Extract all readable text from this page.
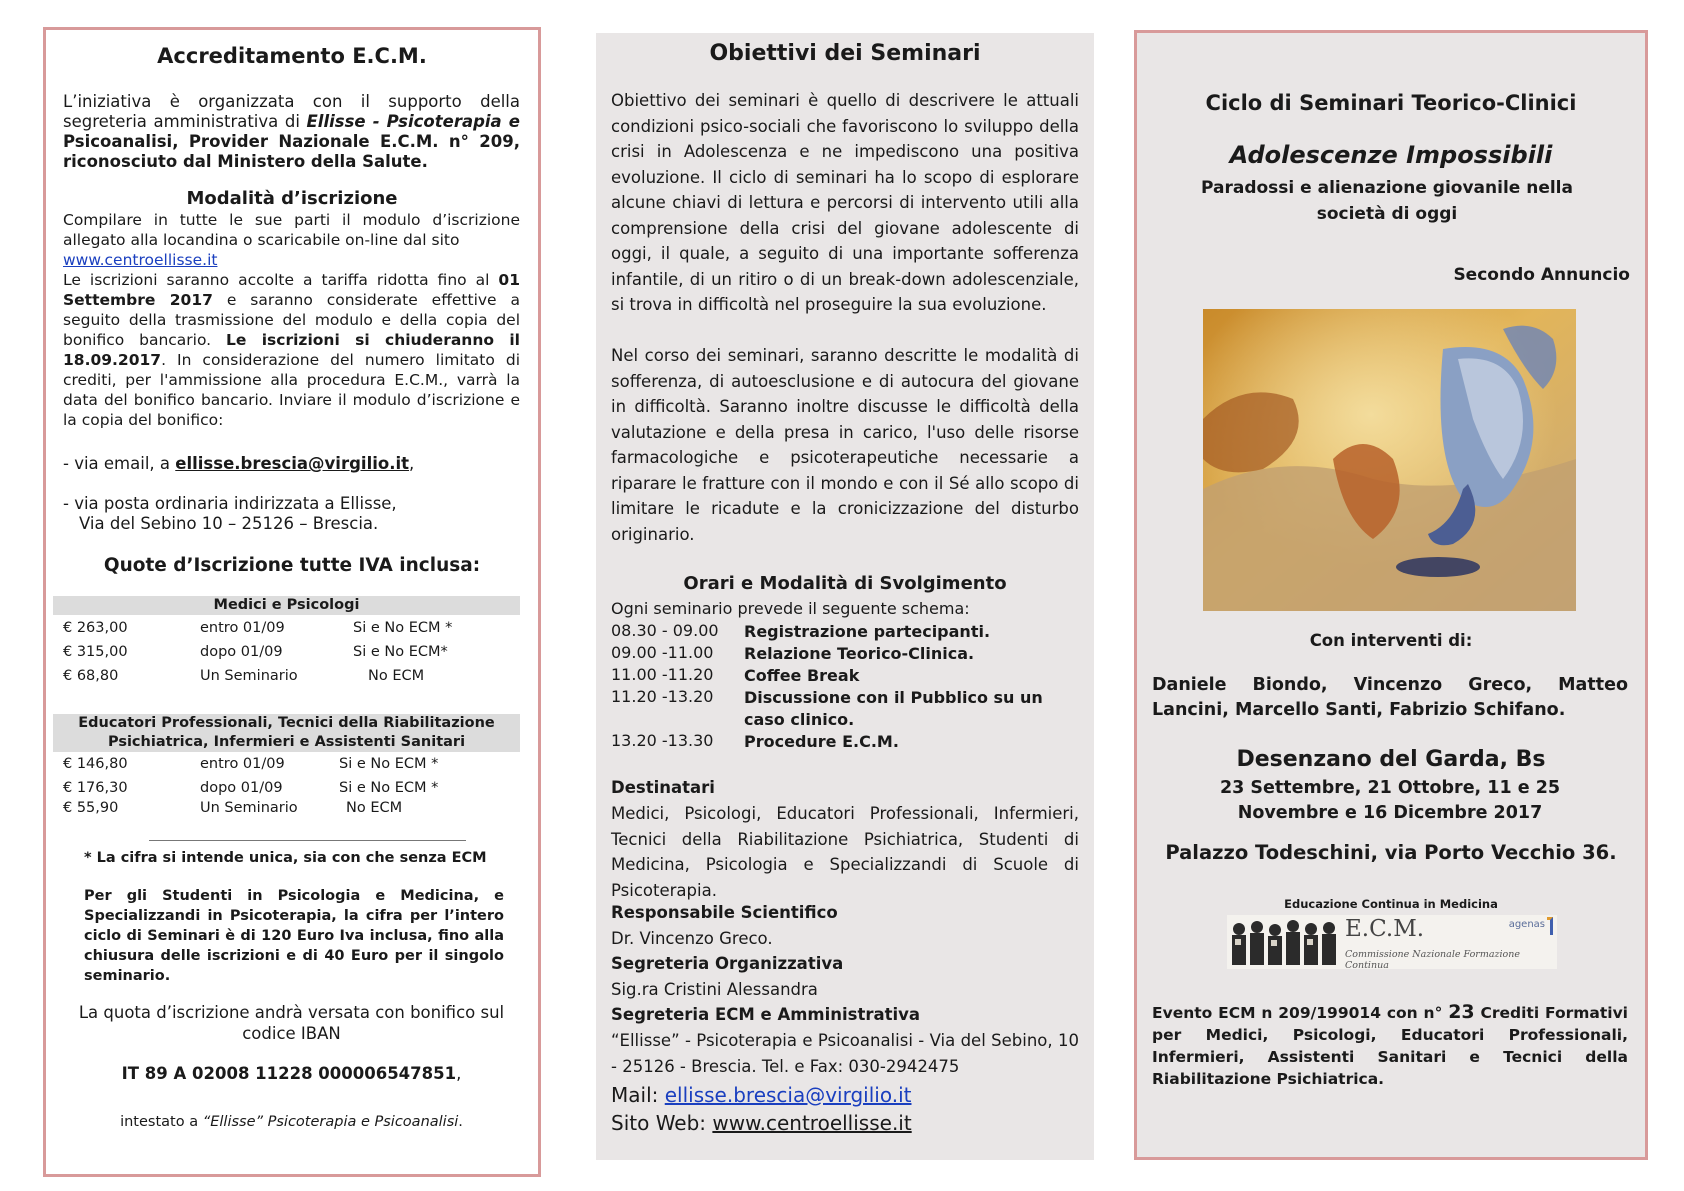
Accreditamento E.C.M.
L’iniziativa è organizzata con il supporto della segreteria amministrativa di Ellisse - Psicoterapia e Psicoanalisi, Provider Nazionale E.C.M. n° 209, riconosciuto dal Ministero della Salute.
Modalità d’iscrizione
Compilare in tutte le sue parti il modulo d’iscrizione allegato alla locandina o scaricabile on-line dal sito
www.centroellisse.it
Le iscrizioni saranno accolte a tariffa ridotta fino al 01 Settembre 2017 e saranno considerate effettive a seguito della trasmissione del modulo e della copia del bonifico bancario. Le iscrizioni si chiuderanno il 18.09.2017. In considerazione del numero limitato di crediti, per l'ammissione alla procedura E.C.M., varrà la data del bonifico bancario. Inviare il modulo d’iscrizione e la copia del bonifico:
- via email, a ellisse.brescia@virgilio.it,
- via posta ordinaria indirizzata a Ellisse,
Via del Sebino 10 – 25126 – Brescia.
Quote d’Iscrizione tutte IVA inclusa:
Medici e Psicologi
€ 263,00	entro 01/09	Si e No ECM *
€ 315,00	dopo 01/09	Si e No ECM*
€ 68,80	Un Seminario	No ECM
Educatori Professionali, Tecnici della Riabilitazione
Psichiatrica, Infermieri e Assistenti Sanitari
€ 146,80	entro 01/09	Si e No ECM *
€ 176,30	dopo 01/09	Si e No ECM *
€ 55,90	Un Seminario	No ECM
* La cifra si intende unica, sia con che senza ECM
Per gli Studenti in Psicologia e Medicina, e Specializzandi in Psicoterapia, la cifra per l’intero ciclo di Seminari è di 120 Euro Iva inclusa, fino alla chiusura delle iscrizioni e di 40 Euro per il singolo seminario.
La quota d’iscrizione andrà versata con bonifico sul codice IBAN
IT 89 A 02008 11228 000006547851,
intestato a “Ellisse” Psicoterapia e Psicoanalisi.
Obiettivi dei Seminari
Obiettivo dei seminari è quello di descrivere le attuali condizioni psico-sociali che favoriscono lo sviluppo della crisi in Adolescenza e ne impediscono una positiva evoluzione. Il ciclo di seminari ha lo scopo di esplorare alcune chiavi di lettura e percorsi di intervento utili alla comprensione della crisi del giovane adolescente di oggi, il quale, a seguito di una importante sofferenza infantile, di un ritiro o di un break-down adolescenziale, si trova in difficoltà nel proseguire la sua evoluzione.
Nel corso dei seminari, saranno descritte le modalità di sofferenza, di autoesclusione e di autocura del giovane in difficoltà. Saranno inoltre discusse le difficoltà della valutazione e della presa in carico, l'uso delle risorse farmacologiche e psicoterapeutiche necessarie a riparare le fratture con il mondo e con il Sé allo scopo di limitare le ricadute e la cronicizzazione del disturbo originario.
Orari e Modalità di Svolgimento
Ogni seminario prevede il seguente schema:
08.30 - 09.00 Registrazione partecipanti.
09.00 -11.00 Relazione Teorico-Clinica.
11.00 -11.20 Coffee Break
11.20 -13.20 Discussione con il Pubblico su un caso clinico.
13.20 -13.30 Procedure E.C.M.
Destinatari
Medici, Psicologi, Educatori Professionali, Infermieri, Tecnici della Riabilitazione Psichiatrica, Studenti di Medicina, Psicologia e Specializzandi di Scuole di Psicoterapia.
Responsabile Scientifico
Dr. Vincenzo Greco.
Segreteria Organizzativa
Sig.ra Cristini Alessandra
Segreteria ECM e Amministrativa
“Ellisse” - Psicoterapia e Psicoanalisi - Via del Sebino, 10 - 25126 - Brescia. Tel. e Fax: 030-2942475
Mail: ellisse.brescia@virgilio.it
Sito Web: www.centroellisse.it
Ciclo di Seminari Teorico-Clinici
Adolescenze Impossibili
Paradossi e alienazione giovanile nella società di oggi
Secondo Annuncio
Con interventi di:
Daniele Biondo, Vincenzo Greco, Matteo Lancini, Marcello Santi, Fabrizio Schifano.
Desenzano del Garda, Bs
23 Settembre, 21 Ottobre, 11 e 25 Novembre e 16 Dicembre 2017
Palazzo Todeschini, via Porto Vecchio 36.
Educazione Continua in Medicina
E.C.M.
Commissione Nazionale Formazione Continua
agenas
Evento ECM n 209/199014 con n° 23 Crediti Formativi per Medici, Psicologi, Educatori Professionali, Infermieri, Assistenti Sanitari e Tecnici della Riabilitazione Psichiatrica.
